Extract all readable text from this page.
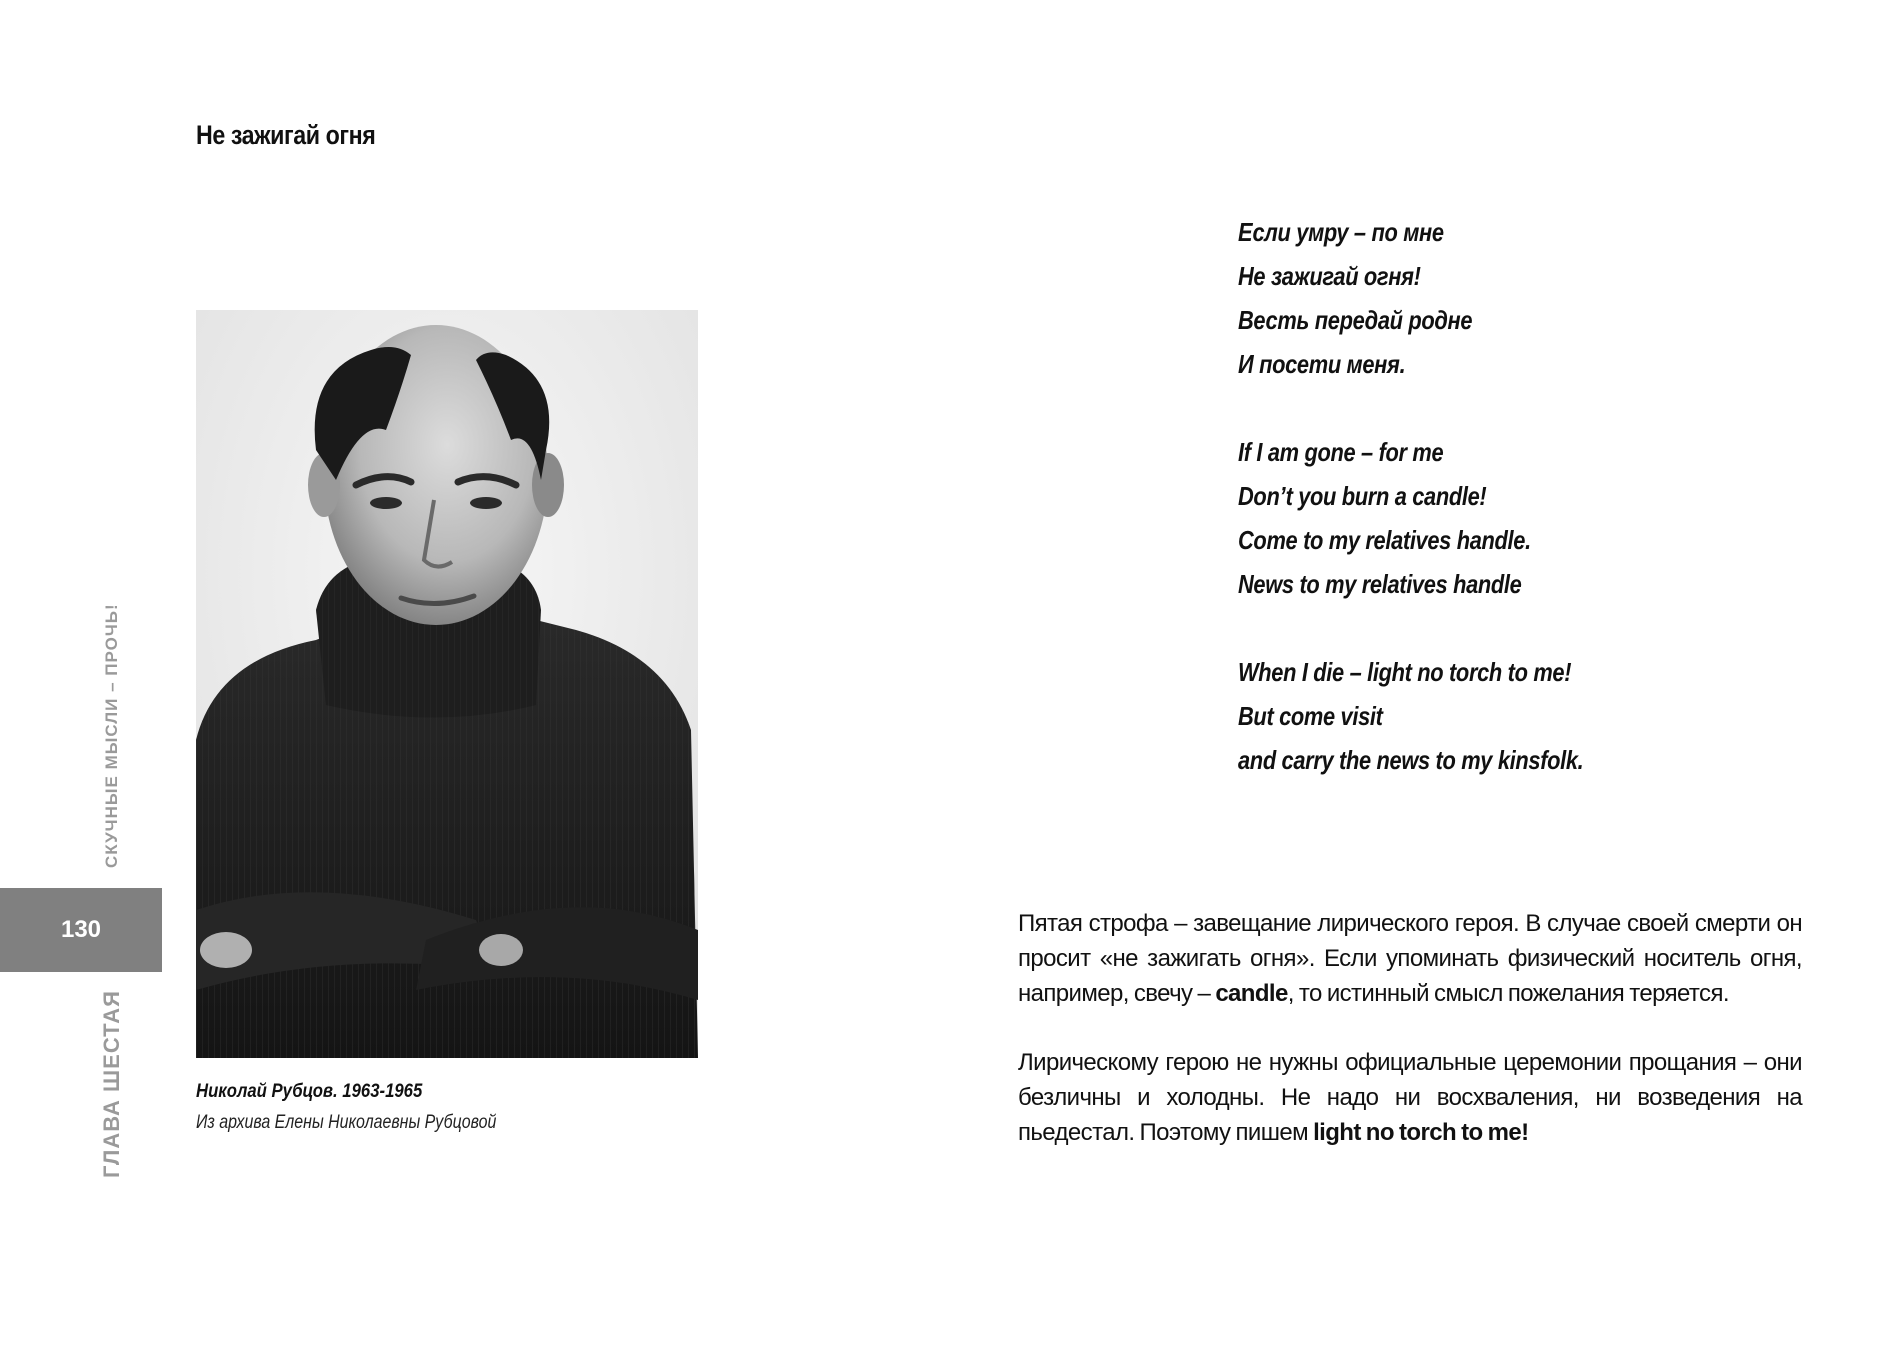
Не зажигай огня
Николай Рубцов. 1963-1965
Из архива Елены Николаевны Рубцовой
130
СКУЧНЫЕ МЫСЛИ – ПРОЧЬ!
ГЛАВА ШЕСТАЯ
Если умру – по мне
Не зажигай огня!
Весть передай родне
И посети меня.
If I am gone – for me
Don’t you burn a candle!
Come to my relatives handle.
News to my relatives handle
When I die – light no torch to me!
But come visit
and carry the news to my kinsfolk.
Пятая строфа – завещание лирического героя. В случае своей смерти он просит «не зажигать огня». Если упоминать физический носитель огня, например, свечу – candle, то истинный смысл пожелания теряется.
Лирическому герою не нужны официальные церемонии прощания – они безличны и холодны. Не надо ни восхваления, ни возведения на пьедестал. Поэтому пишем light no torch to me!
